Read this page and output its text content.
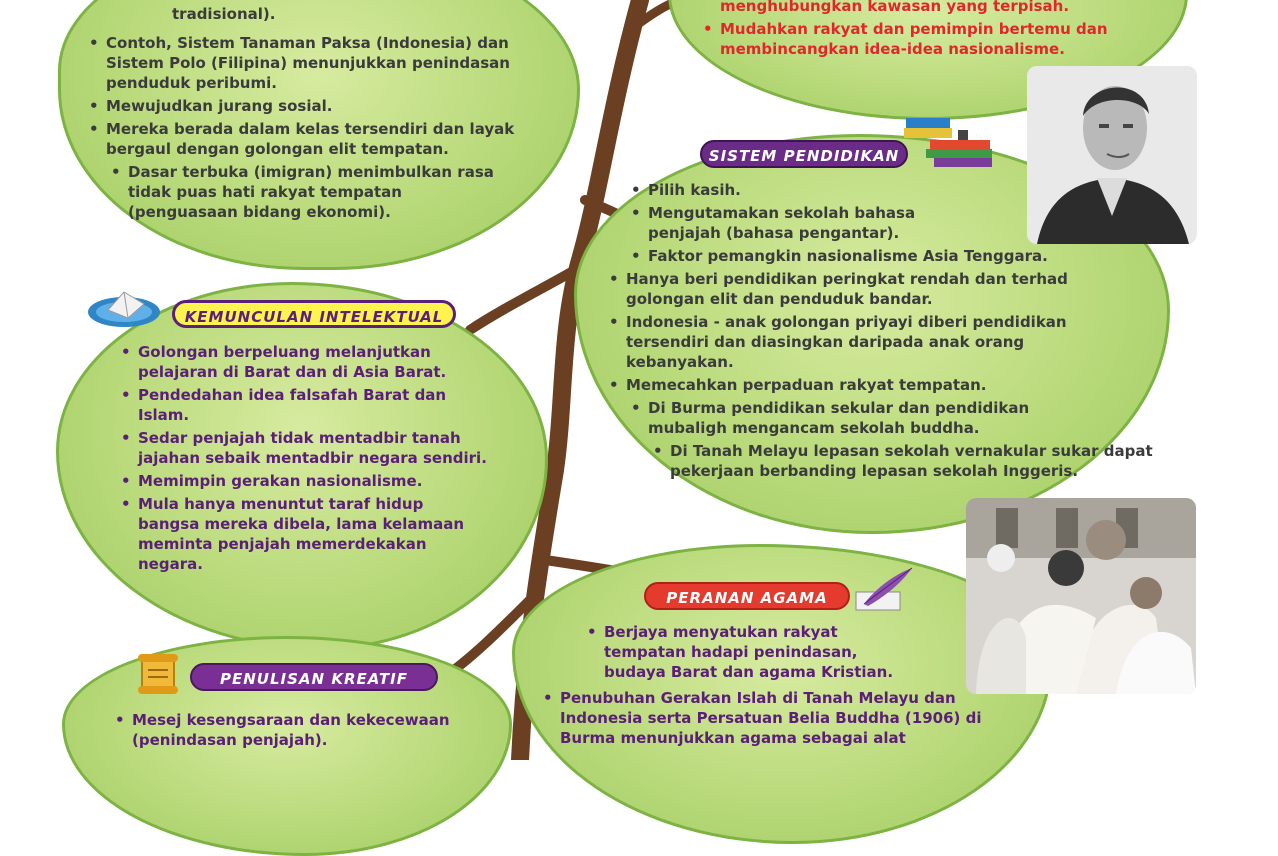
tradisional).
• Contoh, Sistem Tanaman Paksa (Indonesia) dan Sistem Polo (Filipina) menunjukkan penindasan penduduk peribumi.
• Mewujudkan jurang sosial.
• Mereka berada dalam kelas tersendiri dan layak bergaul dengan golongan elit tempatan.
• Dasar terbuka (imigran) menimbulkan rasa tidak puas hati rakyat tempatan (penguasaan bidang ekonomi).
menghubungkan kawasan yang terpisah.
• Mudahkan rakyat dan pemimpin bertemu dan membincangkan idea-idea nasionalisme.
KEMUNCULAN INTELEKTUAL
• Golongan berpeluang melanjutkan pelajaran di Barat dan di Asia Barat.
• Pendedahan idea falsafah Barat dan Islam.
• Sedar penjajah tidak mentadbir tanah jajahan sebaik mentadbir negara sendiri.
• Memimpin gerakan nasionalisme.
• Mula hanya menuntut taraf hidup bangsa mereka dibela, lama kelamaan meminta penjajah memerdekakan negara.
SISTEM PENDIDIKAN
• Pilih kasih.
• Mengutamakan sekolah bahasa penjajah (bahasa pengantar).
• Faktor pemangkin nasionalisme Asia Tenggara.
• Hanya beri pendidikan peringkat rendah dan terhad golongan elit dan penduduk bandar.
• Indonesia - anak golongan priyayi diberi pendidikan tersendiri dan diasingkan daripada anak orang kebanyakan.
• Memecahkan perpaduan rakyat tempatan.
• Di Burma pendidikan sekular dan pendidikan mubaligh mengancam sekolah buddha.
• Di Tanah Melayu lepasan sekolah vernakular sukar dapat pekerjaan berbanding lepasan sekolah Inggeris.
PERANAN AGAMA
• Berjaya menyatukan rakyat tempatan hadapi penindasan, budaya Barat dan agama Kristian.
• Penubuhan Gerakan Islah di Tanah Melayu dan Indonesia serta Persatuan Belia Buddha (1906) di Burma menunjukkan agama sebagai alat
PENULISAN KREATIF
• Mesej kesengsaraan dan kekecewaan (penindasan penjajah).
